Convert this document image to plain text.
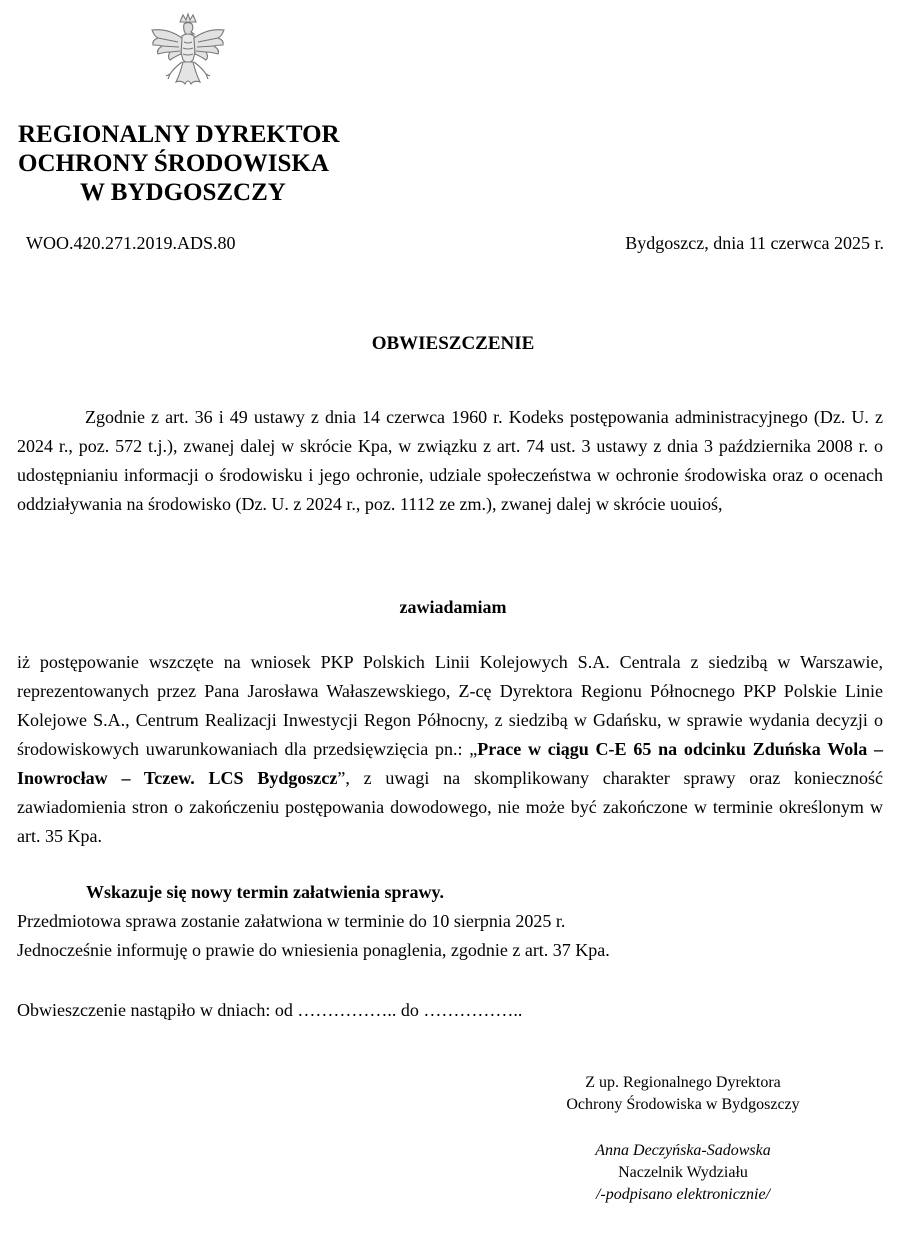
REGIONALNY DYREKTOR
OCHRONY ŚRODOWISKA
W BYDGOSZCZY
WOO.420.271.2019.ADS.80	Bydgoszcz, dnia 11 czerwca 2025 r.
OBWIESZCZENIE
Zgodnie z art. 36 i 49 ustawy z dnia 14 czerwca 1960 r. Kodeks postępowania administracyjnego (Dz. U. z 2024 r., poz. 572 t.j.), zwanej dalej w skrócie Kpa, w związku z art. 74 ust. 3 ustawy z dnia 3 października 2008 r. o udostępnianiu informacji o środowisku i jego ochronie, udziale społeczeństwa w ochronie środowiska oraz o ocenach oddziaływania na środowisko (Dz. U. z 2024 r., poz. 1112 ze zm.), zwanej dalej w skrócie uouioś,
zawiadamiam
iż postępowanie wszczęte na wniosek PKP Polskich Linii Kolejowych S.A. Centrala z siedzibą w Warszawie, reprezentowanych przez Pana Jarosława Wałaszewskiego, Z-cę Dyrektora Regionu Północnego PKP Polskie Linie Kolejowe S.A., Centrum Realizacji Inwestycji Regon Północny, z siedzibą w Gdańsku, w sprawie wydania decyzji o środowiskowych uwarunkowaniach dla przedsięwzięcia pn.: „Prace w ciągu C-E 65 na odcinku Zduńska Wola – Inowrocław – Tczew. LCS Bydgoszcz”, z uwagi na skomplikowany charakter sprawy oraz konieczność zawiadomienia stron o zakończeniu postępowania dowodowego, nie może być zakończone w terminie określonym w art. 35 Kpa.
Wskazuje się nowy termin załatwienia sprawy.
Przedmiotowa sprawa zostanie załatwiona w terminie do 10 sierpnia 2025 r.
Jednocześnie informuję o prawie do wniesienia ponaglenia, zgodnie z art. 37 Kpa.
Obwieszczenie nastąpiło w dniach: od …………….. do ……………..
Z up. Regionalnego Dyrektora
Ochrony Środowiska w Bydgoszczy
Anna Deczyńska-Sadowska
Naczelnik Wydziału
/-podpisano elektronicznie/
